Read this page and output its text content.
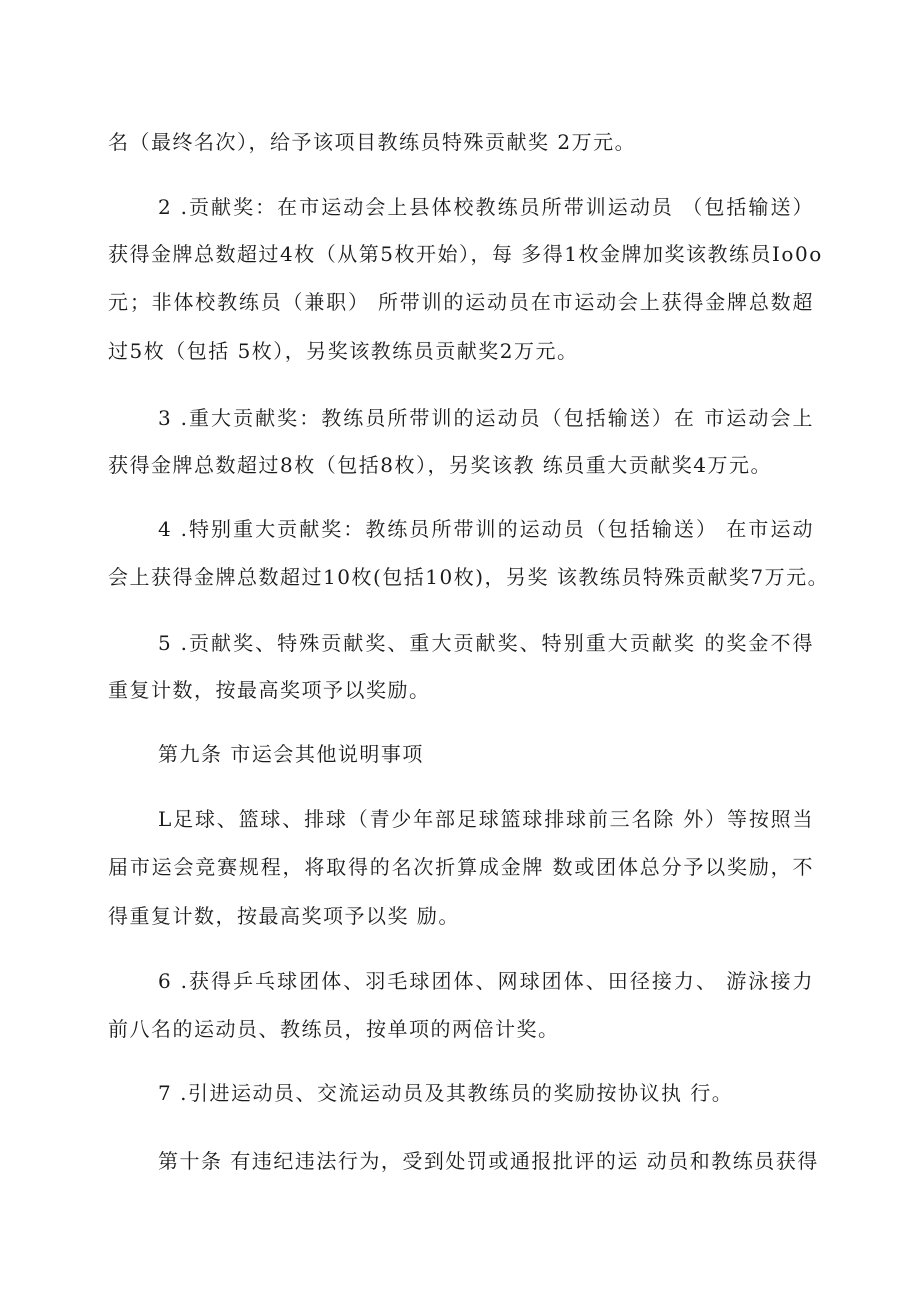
名（最终名次），给予该项目教练员特殊贡献奖 2万元。
2 .贡献奖：在市运动会上县体校教练员所带训运动员 （包括输送）
获得金牌总数超过4枚（从第5枚开始），每 多得1枚金牌加奖该教练员Io0o
元；非体校教练员（兼职） 所带训的运动员在市运动会上获得金牌总数超
过5枚（包括 5枚），另奖该教练员贡献奖2万元。
3 .重大贡献奖：教练员所带训的运动员（包括输送）在 市运动会上
获得金牌总数超过8枚（包括8枚），另奖该教 练员重大贡献奖4万元。
4 .特别重大贡献奖：教练员所带训的运动员（包括输送） 在市运动
会上获得金牌总数超过10枚(包括10枚)，另奖 该教练员特殊贡献奖7万元。
5 .贡献奖、特殊贡献奖、重大贡献奖、特别重大贡献奖 的奖金不得
重复计数，按最高奖项予以奖励。
第九条 市运会其他说明事项
L足球、篮球、排球（青少年部足球篮球排球前三名除 外）等按照当
届市运会竞赛规程，将取得的名次折算成金牌 数或团体总分予以奖励，不
得重复计数，按最高奖项予以奖 励。
6 .获得乒乓球团体、羽毛球团体、网球团体、田径接力、 游泳接力
前八名的运动员、教练员，按单项的两倍计奖。
7 .引进运动员、交流运动员及其教练员的奖励按协议执 行。
第十条 有违纪违法行为，受到处罚或通报批评的运 动员和教练员获得
